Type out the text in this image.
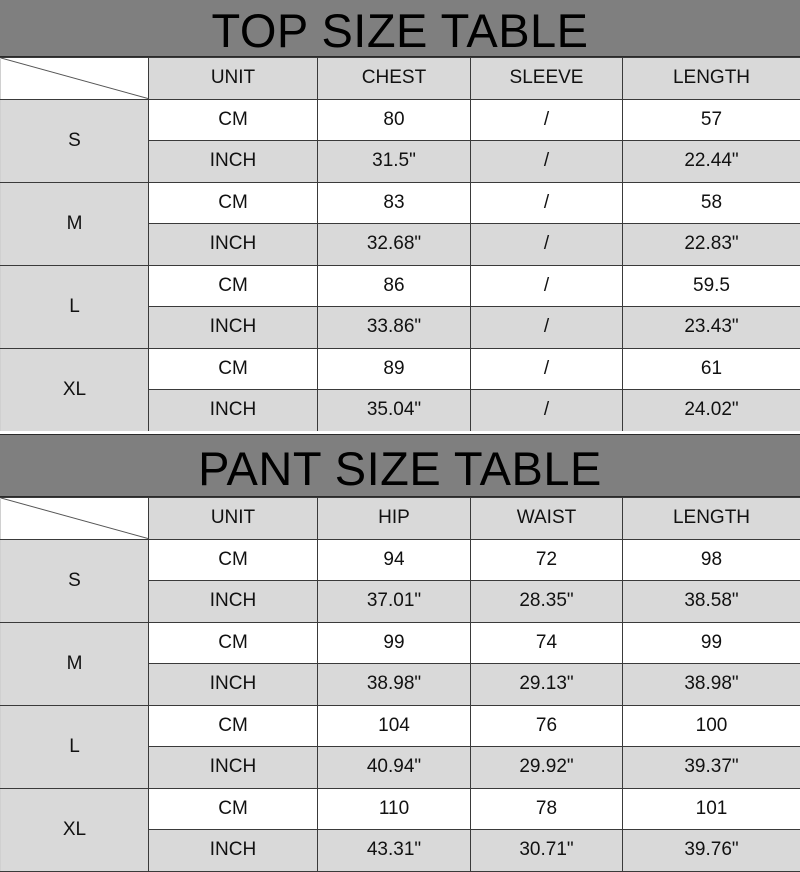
TOP SIZE TABLE
	UNIT	CHEST	SLEEVE	LENGTH
S	CM	80	/	57
	INCH	31.5"	/	22.44"
M	CM	83	/	58
	INCH	32.68"	/	22.83"
L	CM	86	/	59.5
	INCH	33.86"	/	23.43"
XL	CM	89	/	61
	INCH	35.04"	/	24.02"
PANT SIZE TABLE
	UNIT	HIP	WAIST	LENGTH
S	CM	94	72	98
	INCH	37.01"	28.35"	38.58"
M	CM	99	74	99
	INCH	38.98"	29.13"	38.98"
L	CM	104	76	100
	INCH	40.94"	29.92"	39.37"
XL	CM	110	78	101
	INCH	43.31"	30.71"	39.76"
